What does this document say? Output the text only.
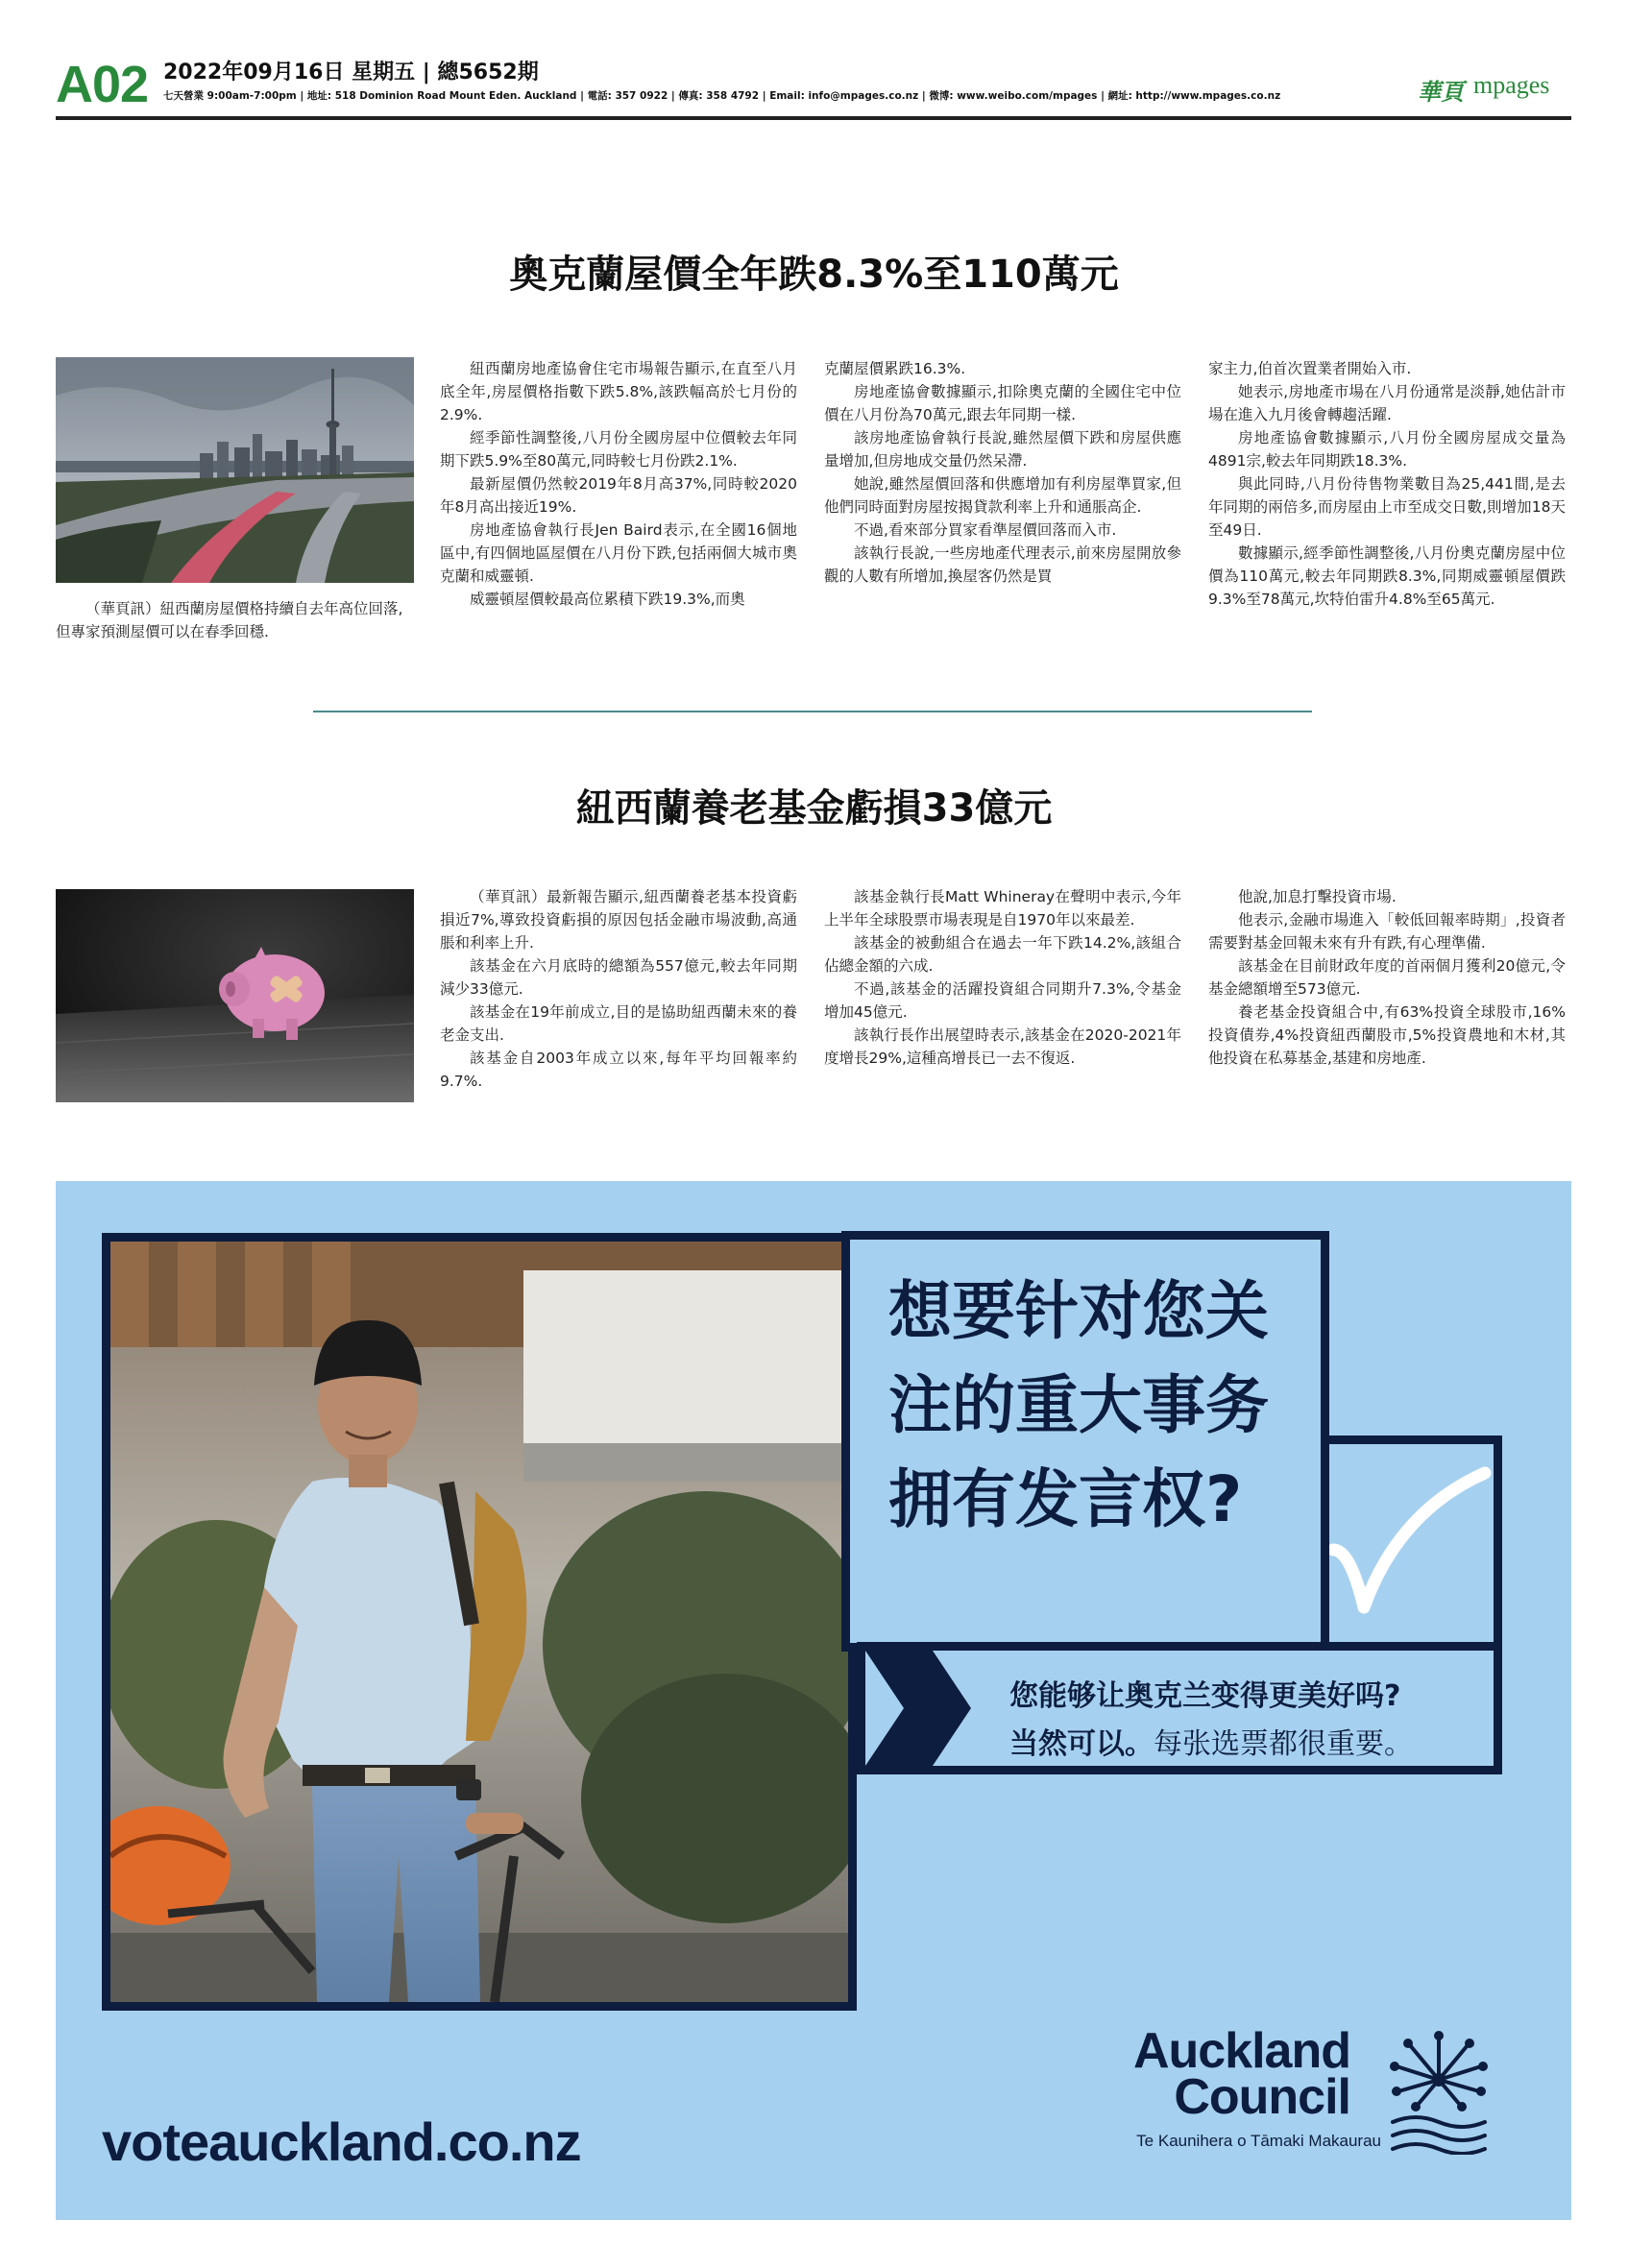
A02 2022年09月16日 星期五 | 總5652期
七天營業 9:00am-7:00pm | 地址: 518 Dominion Road Mount Eden. Auckland | 電話: 357 0922 | 傳真: 358 4792 | Email: info@mpages.co.nz | 微博: www.weibo.com/mpages | 網址: http://www.mpages.co.nz	華頁 mpages
奧克蘭屋價全年跌8.3%至110萬元
（華頁訊）紐西蘭房屋價格持續自去年高位回落,但專家預測屋價可以在春季回穩.

紐西蘭房地產協會住宅市場報告顯示,在直至八月底全年,房屋價格指數下跌5.8%,該跌幅高於七月份的2.9%.

經季節性調整後,八月份全國房屋中位價較去年同期下跌5.9%至80萬元,同時較七月份跌2.1%.

最新屋價仍然較2019年8月高37%,同時較2020年8月高出接近19%.

房地產協會執行長Jen Baird表示,在全國16個地區中,有四個地區屋價在八月份下跌,包括兩個大城市奧克蘭和威靈頓.

威靈頓屋價較最高位累積下跌19.3%,而奧

克蘭屋價累跌16.3%.

房地產協會數據顯示,扣除奧克蘭的全國住宅中位價在八月份為70萬元,跟去年同期一樣.

該房地產協會執行長說,雖然屋價下跌和房屋供應量增加,但房地成交量仍然呆滯.

她說,雖然屋價回落和供應增加有利房屋準買家,但他們同時面對房屋按揭貸款利率上升和通脹高企.

不過,看來部分買家看準屋價回落而入市.

該執行長說,一些房地產代理表示,前來房屋開放參觀的人數有所增加,換屋客仍然是買

家主力,伯首次置業者開始入市.

她表示,房地產市場在八月份通常是淡靜,她估計市場在進入九月後會轉趨活躍.

房地產協會數據顯示,八月份全國房屋成交量為4891宗,較去年同期跌18.3%.

與此同時,八月份待售物業數目為25,441間,是去年同期的兩倍多,而房屋由上市至成交日數,則增加18天至49日.

數據顯示,經季節性調整後,八月份奧克蘭房屋中位價為110萬元,較去年同期跌8.3%,同期威靈頓屋價跌9.3%至78萬元,坎特伯雷升4.8%至65萬元.

紐西蘭養老基金虧損33億元

（華頁訊）最新報告顯示,紐西蘭養老基本投資虧損近7%,導致投資虧損的原因包括金融市場波動,高通脹和利率上升.

該基金在六月底時的總額為557億元,較去年同期減少33億元.

該基金在19年前成立,目的是協助紐西蘭未來的養老金支出.

該基金自2003年成立以來,每年平均回報率約9.7%.

該基金執行長Matt Whineray在聲明中表示,今年上半年全球股票市場表現是自1970年以來最差.

該基金的被動組合在過去一年下跌14.2%,該組合佔總金額的六成.

不過,該基金的活躍投資組合同期升7.3%,令基金增加45億元.

該執行長作出展望時表示,該基金在2020-2021年度增長29%,這種高增長已一去不復返.

他說,加息打擊投資市場.

他表示,金融市場進入「較低回報率時期」,投資者需要對基金回報未來有升有跌,有心理準備.

該基金在目前財政年度的首兩個月獲利20億元,令基金總額增至573億元.

養老基金投資組合中,有63%投資全球股市,16%投資債券,4%投資紐西蘭股市,5%投資農地和木材,其他投資在私募基金,基建和房地產.

想要针对您关注的重大事务拥有发言权?
您能够让奥克兰变得更美好吗?
当然可以。每张选票都很重要。
voteauckland.co.nz
Auckland
Council
Te Kaunihera o Tāmaki Makaurau
